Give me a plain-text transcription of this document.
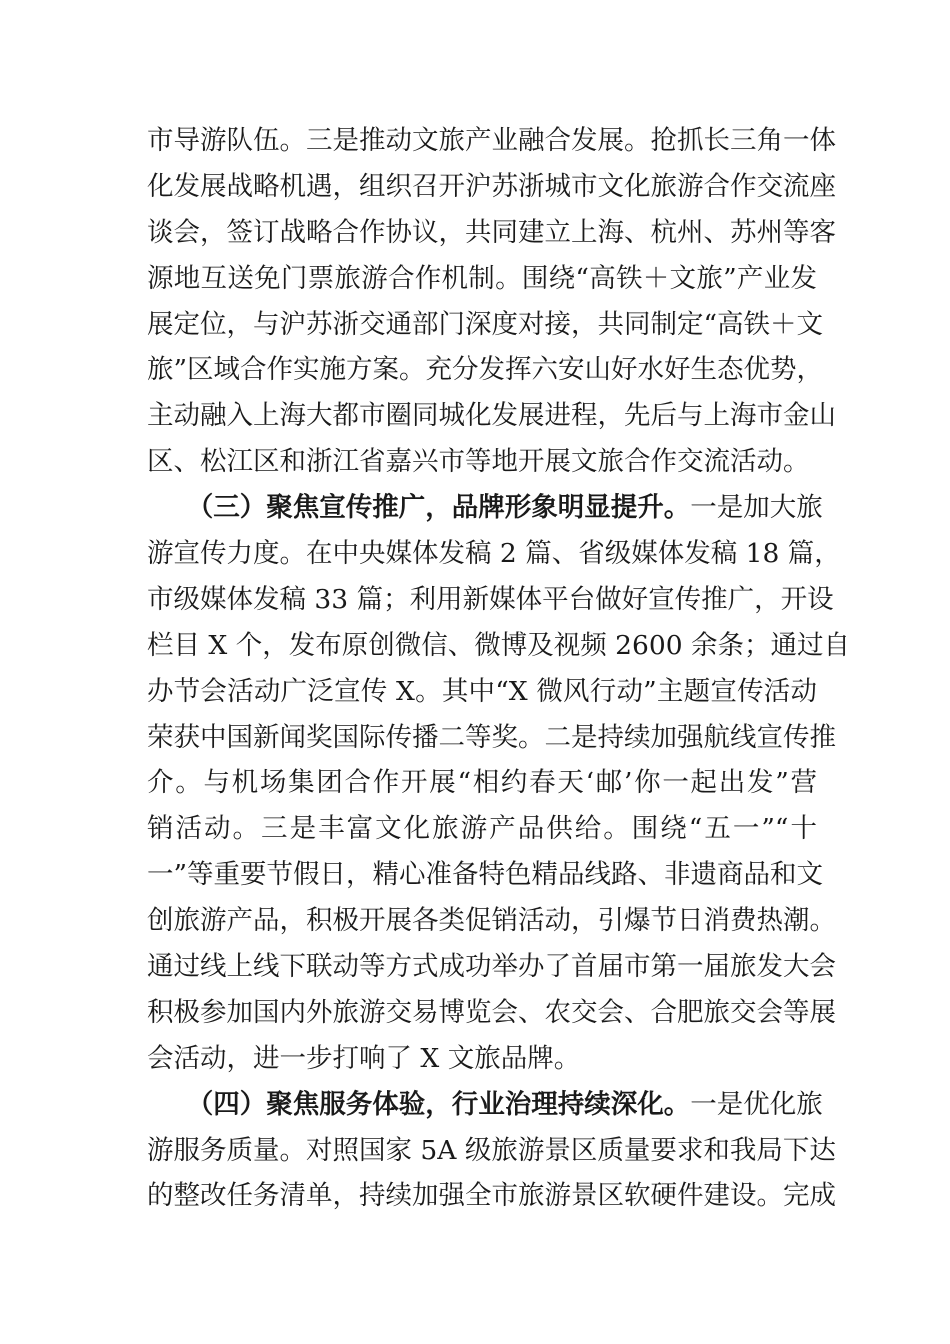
市导游队伍。三是推动文旅产业融合发展。抢抓长三角一体
化发展战略机遇，组织召开沪苏浙城市文化旅游合作交流座
谈会，签订战略合作协议，共同建立上海、杭州、苏州等客
源地互送免门票旅游合作机制。围绕“高铁＋文旅”产业发
展定位，与沪苏浙交通部门深度对接，共同制定“高铁＋文
旅”区域合作实施方案。充分发挥六安山好水好生态优势，
主动融入上海大都市圈同城化发展进程，先后与上海市金山
区、松江区和浙江省嘉兴市等地开展文旅合作交流活动。
　　（三）聚焦宣传推广，品牌形象明显提升。一是加大旅
游宣传力度。在中央媒体发稿 2 篇、省级媒体发稿 18 篇，
市级媒体发稿 33 篇；利用新媒体平台做好宣传推广，开设
栏目 X 个，发布原创微信、微博及视频 2600 余条；通过自
办节会活动广泛宣传 X。其中“X 微风行动”主题宣传活动
荣获中国新闻奖国际传播二等奖。二是持续加强航线宣传推
介。与机场集团合作开展“相约春天‘邮’你一起出发”营
销活动。三是丰富文化旅游产品供给。围绕“五一”“十
一”等重要节假日，精心准备特色精品线路、非遗商品和文
创旅游产品，积极开展各类促销活动，引爆节日消费热潮。
通过线上线下联动等方式成功举办了首届市第一届旅发大会
积极参加国内外旅游交易博览会、农交会、合肥旅交会等展
会活动，进一步打响了 X 文旅品牌。
　　（四）聚焦服务体验，行业治理持续深化。一是优化旅
游服务质量。对照国家 5A 级旅游景区质量要求和我局下达
的整改任务清单，持续加强全市旅游景区软硬件建设。完成
